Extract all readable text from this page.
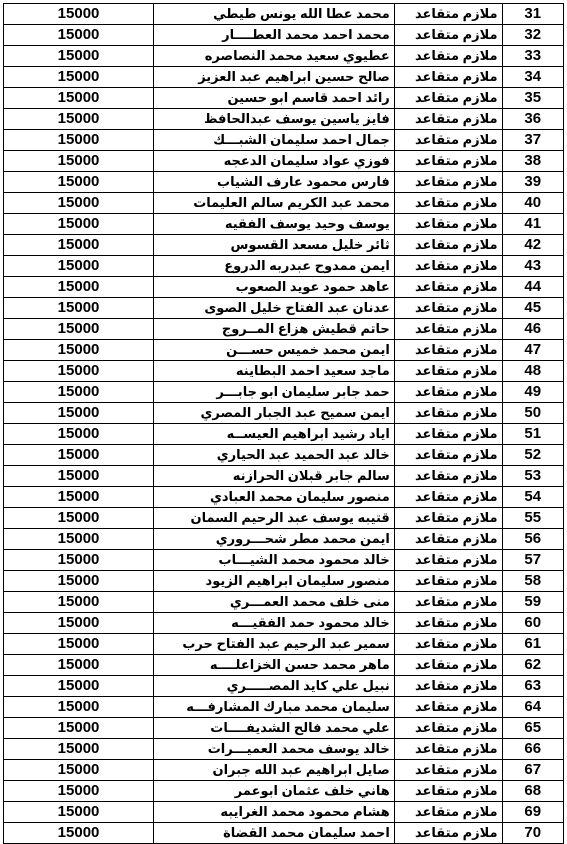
15000	محمد عطا الله يونس طيطي	ملازم متقاعد	31
15000	محمد احمد محمد العطــــار	ملازم متقاعد	32
15000	عطيوي سعيد محمد النصاصره	ملازم متقاعد	33
15000	صالح حسين ابراهيم عبد العزيز	ملازم متقاعد	34
15000	رائد احمد قاسم ابو حسين	ملازم متقاعد	35
15000	فايز ياسين يوسف عبدالحافظ	ملازم متقاعد	36
15000	جمال احمد سليمان الشبـــك	ملازم متقاعد	37
15000	فوزي عواد سليمان الدعجه	ملازم متقاعد	38
15000	فارس محمود عارف الشياب	ملازم متقاعد	39
15000	محمد عبد الكريم سالم العليمات	ملازم متقاعد	40
15000	يوسف وحيد يوسف الفقيه	ملازم متقاعد	41
15000	ثائر خليل مسعد القسوس	ملازم متقاعد	42
15000	ايمن ممدوح عبدربه الدروع	ملازم متقاعد	43
15000	عاهد حمود عويد الصعوب	ملازم متقاعد	44
15000	عدنان عبد الفتاح خليل الصوى	ملازم متقاعد	45
15000	حاتم قطيش هزاع المــروج	ملازم متقاعد	46
15000	ايمن محمد خميس حســـن	ملازم متقاعد	47
15000	ماجد سعيد احمد البطاينه	ملازم متقاعد	48
15000	حمد جابر سليمان ابو جابـــر	ملازم متقاعد	49
15000	ايمن سميح عبد الجبار المصري	ملازم متقاعد	50
15000	اياد رشيد ابراهيم العيســه	ملازم متقاعد	51
15000	خالد عبد الحميد عبد الحياري	ملازم متقاعد	52
15000	سالم جابر قبلان الحرازنه	ملازم متقاعد	53
15000	منصور سليمان محمد العبادي	ملازم متقاعد	54
15000	قتيبه يوسف عبد الرحيم السمان	ملازم متقاعد	55
15000	ايمن محمد مطر شحـــروري	ملازم متقاعد	56
15000	خالد محمود محمد الشيـــاب	ملازم متقاعد	57
15000	منصور سليمان ابراهيم الزيود	ملازم متقاعد	58
15000	منى خلف محمد العمـــري	ملازم متقاعد	59
15000	خالد محمود حمد الفقيـــه	ملازم متقاعد	60
15000	سمير عبد الرحيم عبد الفتاح حرب	ملازم متقاعد	61
15000	ماهر محمد حسن الخزاعلــــه	ملازم متقاعد	62
15000	نبيل علي كايد المصـــــري	ملازم متقاعد	63
15000	سليمان محمد مبارك المشارفـــه	ملازم متقاعد	64
15000	علي محمد فالح الشديفــــات	ملازم متقاعد	65
15000	خالد يوسف محمد العميـــرات	ملازم متقاعد	66
15000	صايل ابراهيم عبد الله جبران	ملازم متقاعد	67
15000	هاني خلف عثمان ابوعمر	ملازم متقاعد	68
15000	هشام محمود محمد الغرايبه	ملازم متقاعد	69
15000	احمد سليمان محمد القضاة	ملازم متقاعد	70
